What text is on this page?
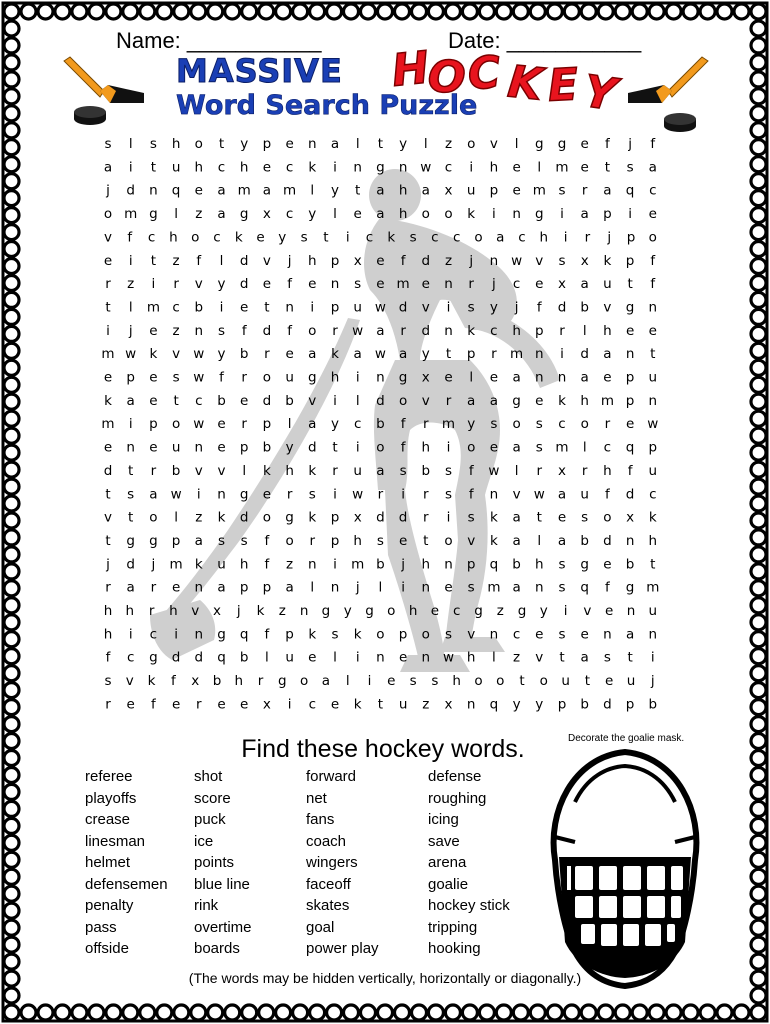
Name: ___________	Date: ___________
MASSIVE
Word Search Puzzle
H
O C K E Y
s l s h o t y p e n a l t y l z o v l g g e f j f
a i t u h c h e c k i n g n w c i h e l m e t s a
j d n q e a m a m l y t a h a x u p e m s r a q c
o m g l z a g x c y l e a h o o k i n g i a p i e
v f c h o c k e y s t i c k s c c o a c h i r j p o
e i t z f l d v j h p x e f d z j n w v s x k p f
r z i r v y d e f e n s e m e n r j c e x a u t f
t l m c b i e t n i p u w d v i s y j f d b v g n
i j e z n s f d f o r w a r d n k c h p r l h e e
m w k v w y b r e a k a w a y t p r m n i d a n t
e p e s w f r o u g h i n g x e l e a n n a e p u
k a e t c b e d b v i l d o v r a a g e k h m p n
m i p o w e r p l a y c b f r m y s o s c o r e w
e n e u n e p b y d t i o f h i o e a s m l c q p
d t r b v v l k h k r u a s b s f w l r x r h f u
t s a w i n g e r s i w r i r s f n v w a u f d c
v t o l z k d o g k p x d d r i s k a t e s o x k
t g g p a s s f o r p h s e t o v k a l a b d n h
j d j m k u h f z n i m b j h n p q b h s g e b t
r a r e n a p p a l n j l i n e s m a n s q f g m
h h r h v x j k z n g y g o h e c g z g y i v e n u
h i c i n g q f p k s k o p o s v n c e s e n a n
f c g d d q b l u e l i n e n w h l z v t a s t i
s v k f x b h r g o a l i e s s h o o t o u t e u j
r e f e r e e x i c e k t u z x n q y y p b d p b
Find these hockey words.	Decorate the goalie mask.
referee
playoffs
crease
linesman
helmet
defensemen
penalty
pass
offside
shot
score
puck
ice
points
blue line
rink
overtime
boards
forward
net
fans
coach
wingers
faceoff
skates
goal
power play
defense
roughing
icing
save
arena
goalie
hockey stick
tripping
hooking
(The words may be hidden vertically, horizontally or diagonally.)
